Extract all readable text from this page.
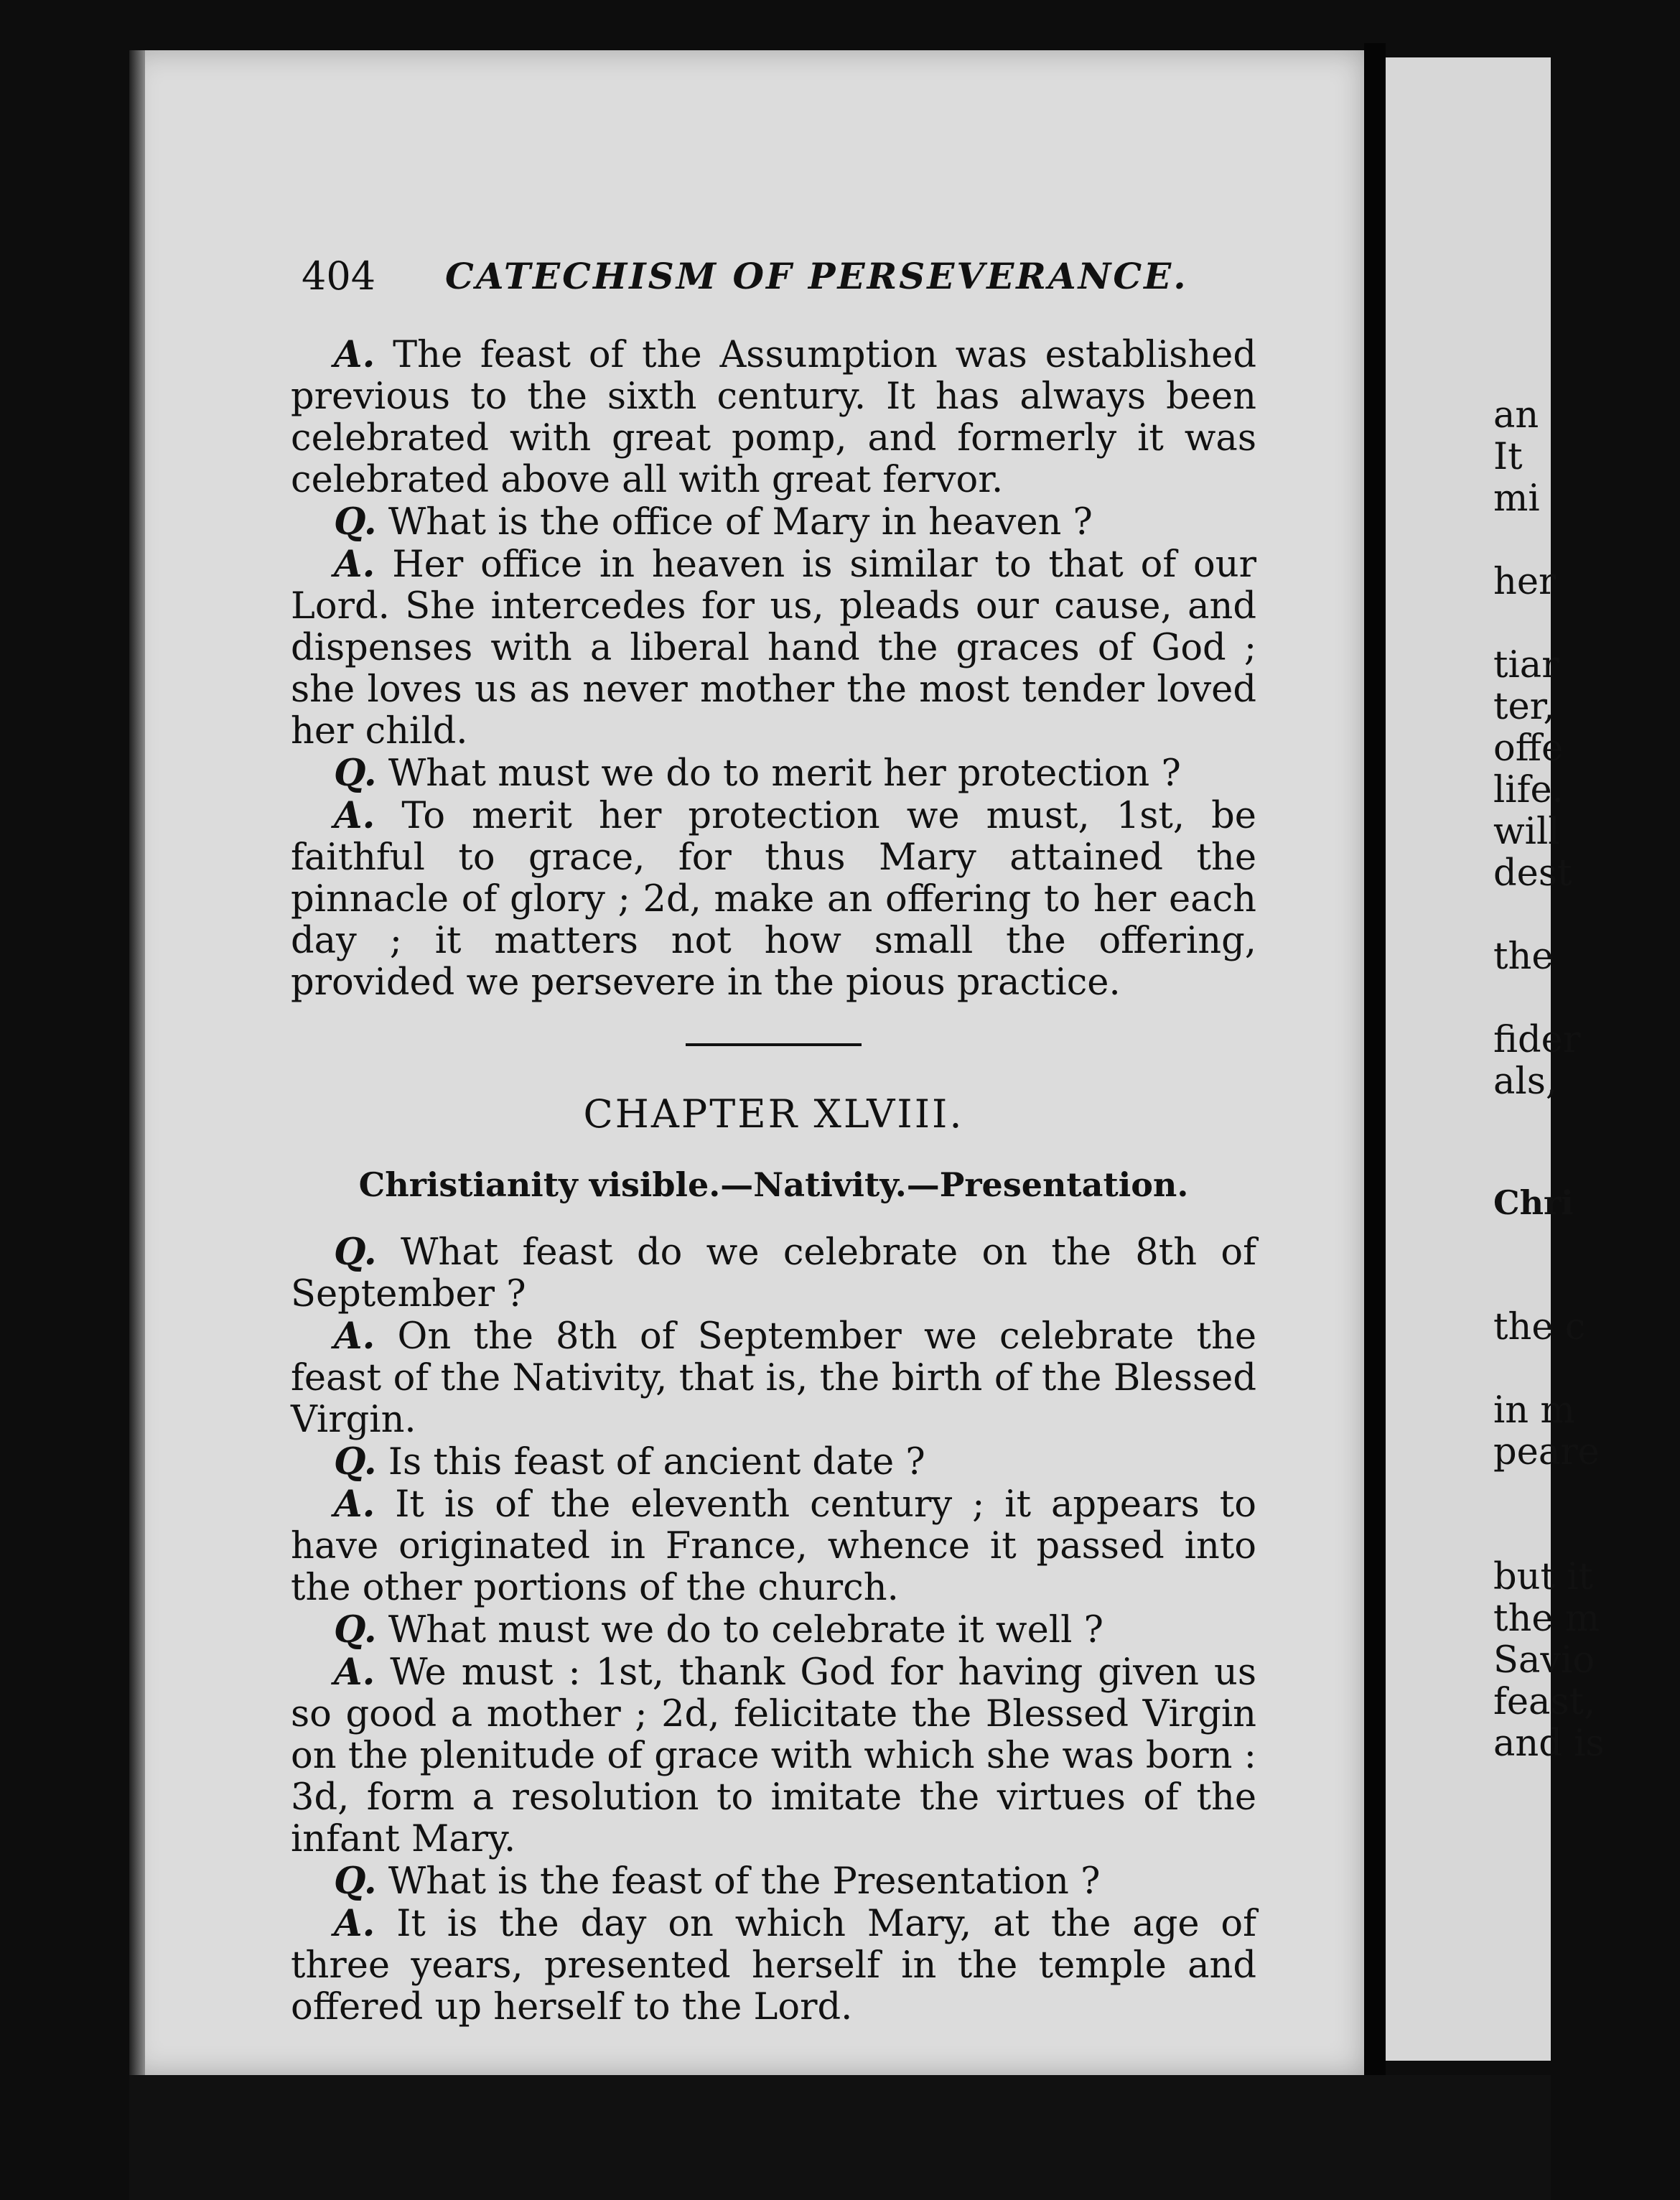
an
It
mi
her
tiar
ter,
offe
life.
will
dest
the
fider
als,
Chri
the c
in m
peare
but it
the m
Savio
feast,
and is
404 CATECHISM OF PERSEVERANCE.

A. The feast of the Assumption was established previous to the sixth century. It has always been celebrated with great pomp, and formerly it was celebrated above all with great fervor.

Q. What is the office of Mary in heaven ?

A. Her office in heaven is similar to that of our Lord. She intercedes for us, pleads our cause, and dispenses with a liberal hand the graces of God ; she loves us as never mother the most tender loved her child.

Q. What must we do to merit her protection ?

A. To merit her protection we must, 1st, be faithful to grace, for thus Mary attained the pinnacle of glory ; 2d, make an offering to her each day ; it matters not how small the offering, provided we persevere in the pious practice.

CHAPTER XLVIII.
Christianity visible.—Nativity.—Presentation.

Q. What feast do we celebrate on the 8th of September ?

A. On the 8th of September we celebrate the feast of the Nativity, that is, the birth of the Blessed Virgin.

Q. Is this feast of ancient date ?

A. It is of the eleventh century ; it appears to have originated in France, whence it passed into the other portions of the church.

Q. What must we do to celebrate it well ?

A. We must : 1st, thank God for having given us so good a mother ; 2d, felicitate the Blessed Virgin on the plenitude of grace with which she was born : 3d, form a resolution to imitate the virtues of the infant Mary.

Q. What is the feast of the Presentation ?

A. It is the day on which Mary, at the age of three years, presented herself in the temple and offered up herself to the Lord.
